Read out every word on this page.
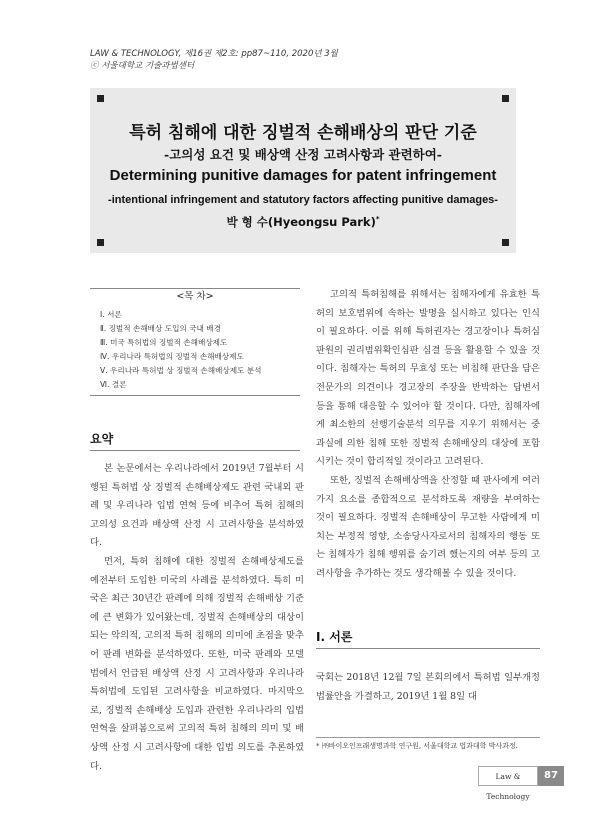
LAW & TECHNOLOGY, 제16권 제2호: pp87~110, 2020년 3월
ⓒ 서울대학교 기술과법센터
특허 침해에 대한 징벌적 손해배상의 판단 기준
-고의성 요건 및 배상액 산정 고려사항과 관련하여-
Determining punitive damages for patent infringement
-intentional infringement and statutory factors affecting punitive damages-
박 형 수(Hyeongsu Park)*
<목 차>
Ⅰ. 서론
Ⅱ. 징벌적 손해배상 도입의 국내 배경
Ⅲ. 미국 특허법의 징벌적 손해배상제도
Ⅳ. 우리나라 특허법의 징벌적 손해배상제도
Ⅴ. 우리나라 특허법 상 징벌적 손해배상제도 분석
Ⅵ. 결론
요약

본 논문에서는 우리나라에서 2019년 7월부터 시행된 특허법 상 징벌적 손해배상제도 관련 국내외 판례 및 우리나라 입법 연혁 등에 비추어 특허 침해의 고의성 요건과 배상액 산정 시 고려사항을 분석하였다.

먼저, 특허 침해에 대한 징벌적 손해배상제도를 예전부터 도입한 미국의 사례를 분석하였다. 특히 미국은 최근 30년간 판례에 의해 징벌적 손해배상 기준에 큰 변화가 있어왔는데, 징벌적 손해배상의 대상이 되는 악의적, 고의적 특허 침해의 의미에 초점을 맞추어 판례 변화를 분석하였다. 또한, 미국 판례와 모델법에서 언급된 배상액 산정 시 고려사항과 우리나라 특허법에 도입된 고려사항을 비교하였다. 마지막으로, 징벌적 손해배상 도입과 관련한 우리나라의 입법 연혁을 살펴봄으로써 고의적 특허 침해의 의미 및 배상액 산정 시 고려사항에 대한 입법 의도를 추론하였다.

고의적 특허침해를 위해서는 침해자에게 유효한 특허의 보호범위에 속하는 발명을 실시하고 있다는 인식이 필요하다. 이를 위해 특허권자는 경고장이나 특허심판원의 권리범위확인심판 심결 등을 활용할 수 있을 것이다. 침해자는 특허의 무효성 또는 비침해 판단을 담은 전문가의 의견이나 경고장의 주장을 반박하는 답변서 등을 통해 대응할 수 있어야 할 것이다. 다만, 침해자에게 최소한의 선행기술분석 의무를 지우기 위해서는 중과실에 의한 침해 또한 징벌적 손해배상의 대상에 포함시키는 것이 합리적일 것이라고 고려된다.

또한, 징벌적 손해배상액을 산정할 때 판사에게 여러 가지 요소를 종합적으로 분석하도록 재량을 부여하는 것이 필요하다. 징벌적 손해배상이 무고한 사람에게 미치는 부정적 영향, 소송당사자로서의 침해자의 행동 또는 침해자가 침해 행위를 숨기려 했는지의 여부 등의 고려사항을 추가하는 것도 생각해볼 수 있을 것이다.

Ⅰ. 서론

국회는 2018년 12월 7일 본회의에서 특허법 일부개정법률안을 가결하고, 2019년 1월 8일 대

* ㈜바이오인프래생명과학 연구원, 서울대학교 법과대학 박사과정.
Law & Technology
87
